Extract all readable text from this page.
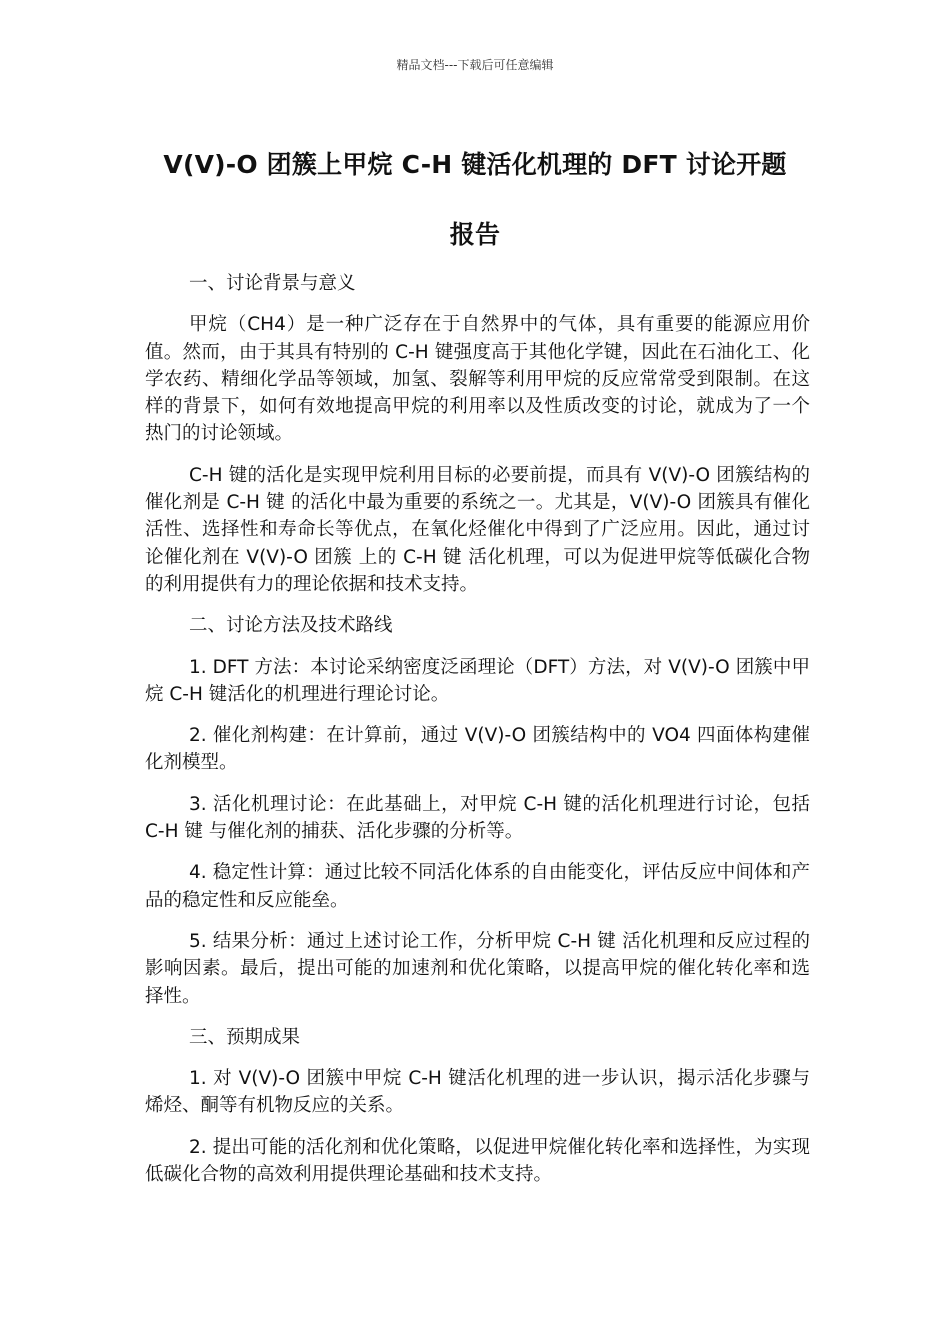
精品文档---下载后可任意编辑
V(V)-O 团簇上甲烷 C-H 键活化机理的 DFT 讨论开题
报告

一、讨论背景与意义

甲烷（CH4）是一种广泛存在于自然界中的气体，具有重要的能源应用价值。然而，由于其具有特别的 C-H 键强度高于其他化学键，因此在石油化工、化学农药、精细化学品等领域，加氢、裂解等利用甲烷的反应常常受到限制。在这样的背景下，如何有效地提高甲烷的利用率以及性质改变的讨论，就成为了一个热门的讨论领域。

C-H 键的活化是实现甲烷利用目标的必要前提，而具有 V(V)-O 团簇结构的催化剂是 C-H 键 的活化中最为重要的系统之一。尤其是，V(V)-O 团簇具有催化活性、选择性和寿命长等优点，在氧化烃催化中得到了广泛应用。因此，通过讨论催化剂在 V(V)-O 团簇 上的 C-H 键 活化机理，可以为促进甲烷等低碳化合物的利用提供有力的理论依据和技术支持。

二、讨论方法及技术路线

1. DFT 方法：本讨论采纳密度泛函理论（DFT）方法，对 V(V)-O 团簇中甲烷 C-H 键活化的机理进行理论讨论。

2. 催化剂构建：在计算前，通过 V(V)-O 团簇结构中的 VO4 四面体构建催化剂模型。

3. 活化机理讨论：在此基础上，对甲烷 C-H 键的活化机理进行讨论，包括 C-H 键 与催化剂的捕获、活化步骤的分析等。

4. 稳定性计算：通过比较不同活化体系的自由能变化，评估反应中间体和产品的稳定性和反应能垒。

5. 结果分析：通过上述讨论工作，分析甲烷 C-H 键 活化机理和反应过程的影响因素。最后，提出可能的加速剂和优化策略，以提高甲烷的催化转化率和选择性。

三、预期成果

1. 对 V(V)-O 团簇中甲烷 C-H 键活化机理的进一步认识，揭示活化步骤与烯烃、酮等有机物反应的关系。

2. 提出可能的活化剂和优化策略，以促进甲烷催化转化率和选择性，为实现低碳化合物的高效利用提供理论基础和技术支持。
